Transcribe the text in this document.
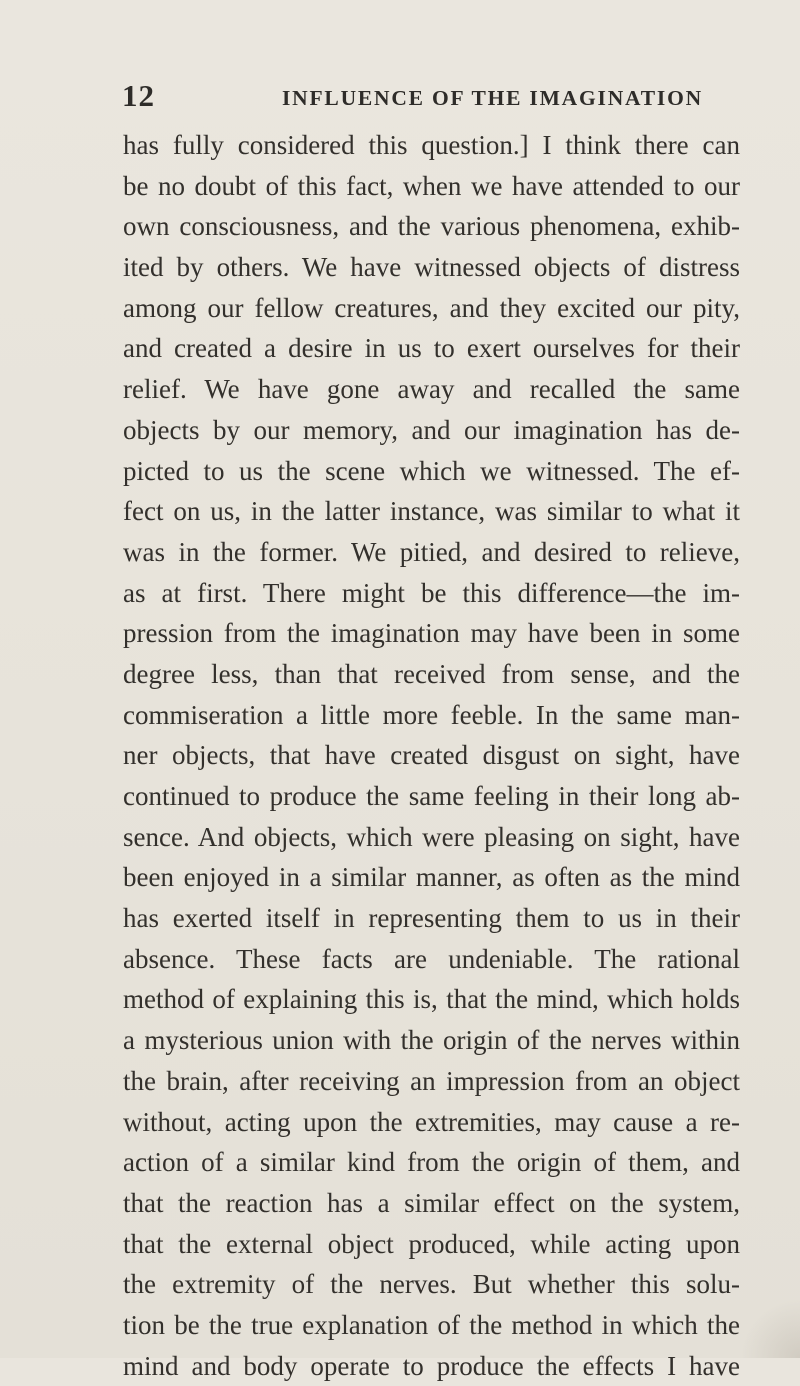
12	INFLUENCE OF THE IMAGINATION
has fully considered this question.] I think there can
be no doubt of this fact, when we have attended to our
own consciousness, and the various phenomena, exhib-
ited by others. We have witnessed objects of distress
among our fellow creatures, and they excited our pity,
and created a desire in us to exert ourselves for their
relief. We have gone away and recalled the same
objects by our memory, and our imagination has de-
picted to us the scene which we witnessed. The ef-
fect on us, in the latter instance, was similar to what it
was in the former. We pitied, and desired to relieve,
as at first. There might be this difference—the im-
pression from the imagination may have been in some
degree less, than that received from sense, and the
commiseration a little more feeble. In the same man-
ner objects, that have created disgust on sight, have
continued to produce the same feeling in their long ab-
sence. And objects, which were pleasing on sight, have
been enjoyed in a similar manner, as often as the mind
has exerted itself in representing them to us in their
absence. These facts are undeniable. The rational
method of explaining this is, that the mind, which holds
a mysterious union with the origin of the nerves within
the brain, after receiving an impression from an object
without, acting upon the extremities, may cause a re-
action of a similar kind from the origin of them, and
that the reaction has a similar effect on the system,
that the external object produced, while acting upon
the extremity of the nerves. But whether this solu-
tion be the true explanation of the method in which the
mind and body operate to produce the effects I have
